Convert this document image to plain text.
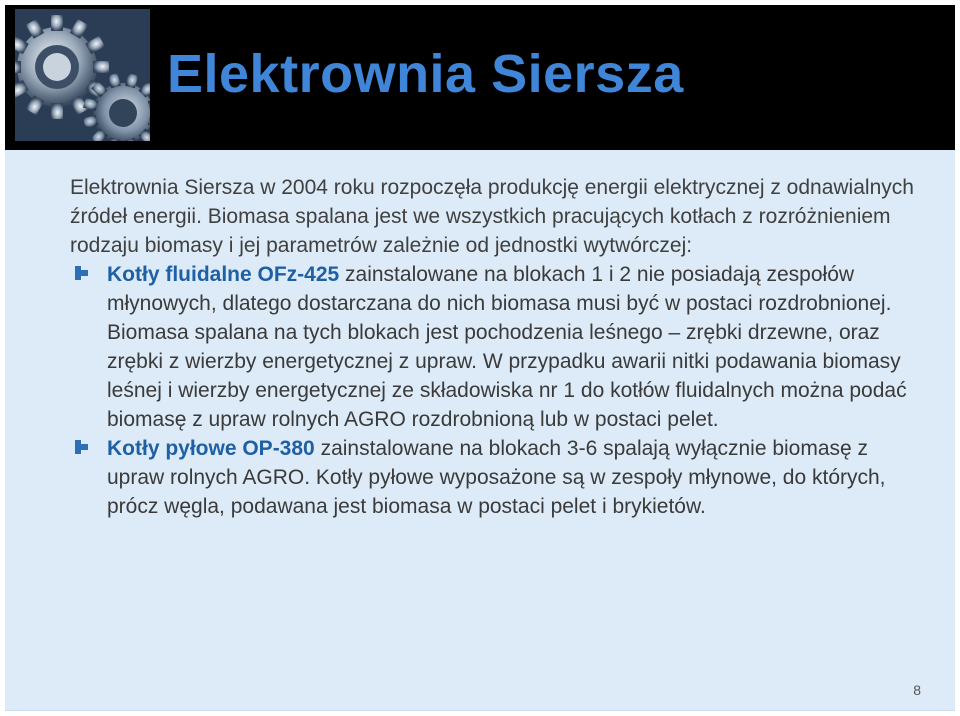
Elektrownia Siersza

Elektrownia Siersza w 2004 roku rozpoczęła produkcję energii elektrycznej z odnawialnych źródeł energii. Biomasa spalana jest we wszystkich pracujących kotłach z rozróżnieniem rodzaju biomasy i jej parametrów zależnie od jednostki wytwórczej:

Kotły fluidalne OFz-425 zainstalowane na blokach 1 i 2 nie posiadają zespołów młynowych, dlatego dostarczana do nich biomasa musi być w postaci rozdrobnionej. Biomasa spalana na tych blokach jest pochodzenia leśnego – zrębki drzewne, oraz zrębki z wierzby energetycznej z upraw. W przypadku awarii nitki podawania biomasy leśnej i wierzby energetycznej ze składowiska nr 1 do kotłów fluidalnych można podać biomasę z upraw rolnych AGRO rozdrobnioną lub w postaci pelet.
Kotły pyłowe OP-380 zainstalowane na blokach 3-6 spalają wyłącznie biomasę z upraw rolnych AGRO. Kotły pyłowe wyposażone są w zespoły młynowe, do których, prócz węgla, podawana jest biomasa w postaci pelet i brykietów.
8
